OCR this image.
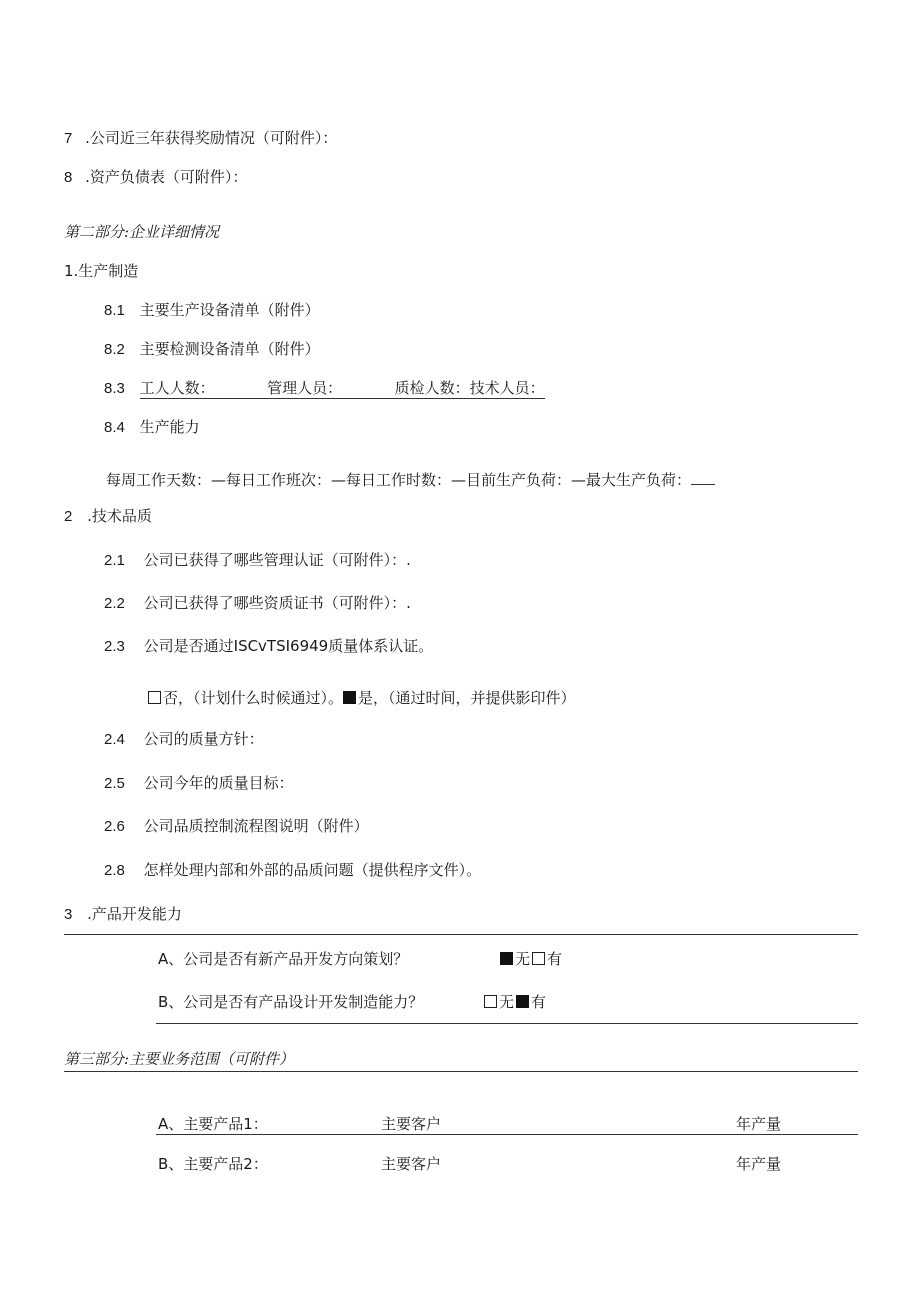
7 .公司近三年获得奖励情况（可附件）：
8 .资产负债表（可附件）：
第二部分:企业详细情况
1.生产制造
8.1 主要生产设备清单（附件）
8.2 主要检测设备清单（附件）
8.3 工人人数：　　　　管理人员：　　　　质检人数：技术人员：
8.4 生产能力
每周工作天数：—每日工作班次：—每日工作时数：—目前生产负荷：—最大生产负荷：
2 .技术品质
2.1 公司已获得了哪些管理认证（可附件）：.
2.2 公司已获得了哪些资质证书（可附件）：.
2.3 公司是否通过ISCvTSI6949质量体系认证。
否，（计划什么时候通过）。 是，（通过时间，并提供影印件）
2.4 公司的质量方针：
2.5 公司今年的质量目标：
2.6 公司品质控制流程图说明（附件）
2.8 怎样处理内部和外部的品质问题（提供程序文件）。
3 .产品开发能力
A、公司是否有新产品开发方向策划？	无 有
B、公司是否有产品设计开发制造能力？	无 有
第三部分:主要业务范围（可附件）
A、主要产品1：	主要客户	年产量
B、主要产品2：	主要客户	年产量
